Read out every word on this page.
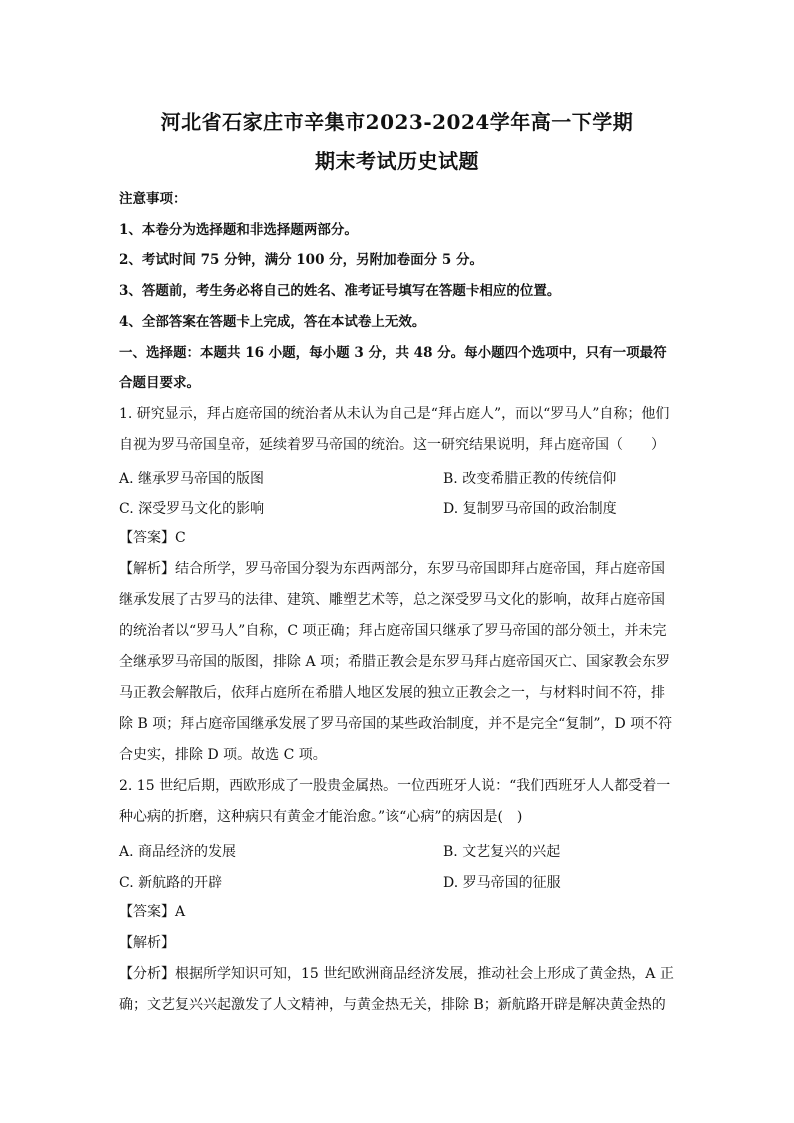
河北省石家庄市辛集市2023-2024学年高一下学期
期末考试历史试题
注意事项：
1、本卷分为选择题和非选择题两部分。
2、考试时间 75 分钟，满分 100 分，另附加卷面分 5 分。
3、答题前，考生务必将自己的姓名、准考证号填写在答题卡相应的位置。
4、全部答案在答题卡上完成，答在本试卷上无效。
一、选择题：本题共 16 小题，每小题 3 分，共 48 分。每小题四个选项中，只有一项最符
合题目要求。
1. 研究显示，拜占庭帝国的统治者从未认为自己是“拜占庭人”，而以“罗马人”自称；他们
自视为罗马帝国皇帝，延续着罗马帝国的统治。这一研究结果说明，拜占庭帝国（　　）
A. 继承罗马帝国的版图	B. 改变希腊正教的传统信仰
C. 深受罗马文化的影响	D. 复制罗马帝国的政治制度
【答案】C
【解析】结合所学，罗马帝国分裂为东西两部分，东罗马帝国即拜占庭帝国，拜占庭帝国
继承发展了古罗马的法律、建筑、雕塑艺术等，总之深受罗马文化的影响，故拜占庭帝国
的统治者以“罗马人”自称，C 项正确；拜占庭帝国只继承了罗马帝国的部分领土，并未完
全继承罗马帝国的版图，排除 A 项；希腊正教会是东罗马拜占庭帝国灭亡、国家教会东罗
马正教会解散后，依拜占庭所在希腊人地区发展的独立正教会之一，与材料时间不符，排
除 B 项；拜占庭帝国继承发展了罗马帝国的某些政治制度，并不是完全“复制”，D 项不符
合史实，排除 D 项。故选 C 项。
2. 15 世纪后期，西欧形成了一股贵金属热。一位西班牙人说：“我们西班牙人人都受着一
种心病的折磨，这种病只有黄金才能治愈。”该“心病”的病因是(　)
A. 商品经济的发展	B. 文艺复兴的兴起
C. 新航路的开辟	D. 罗马帝国的征服
【答案】A
【解析】
【分析】根据所学知识可知，15 世纪欧洲商品经济发展，推动社会上形成了黄金热，A 正
确；文艺复兴兴起激发了人文精神，与黄金热无关，排除 B；新航路开辟是解决黄金热的
